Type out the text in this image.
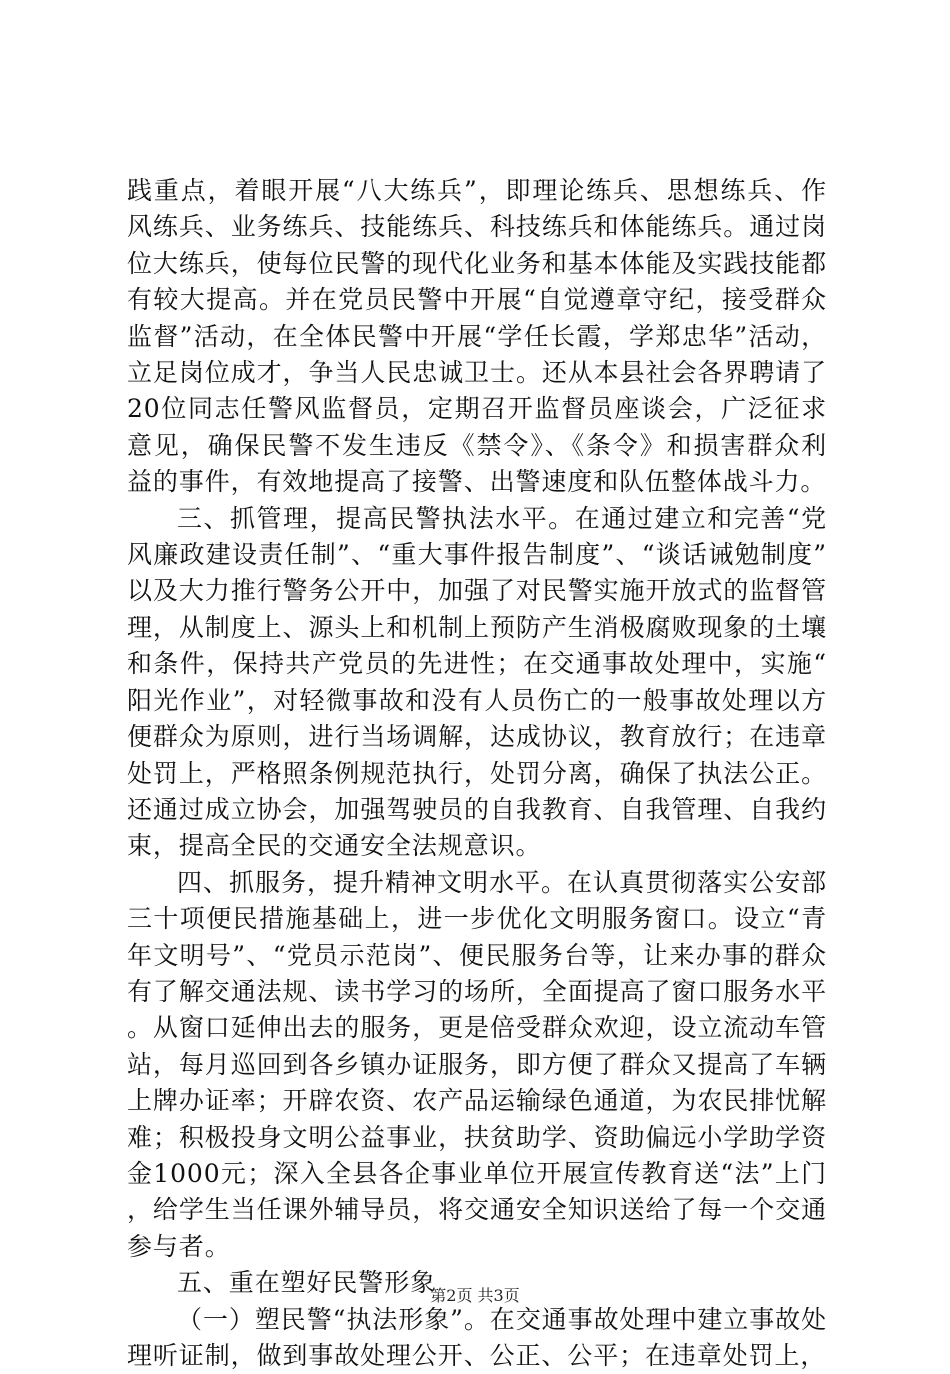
践重点，着眼开展“八大练兵”，即理论练兵、思想练兵、作风练兵、业务练兵、技能练兵、科技练兵和体能练兵。通过岗位大练兵，使每位民警的现代化业务和基本体能及实践技能都有较大提高。并在党员民警中开展“自觉遵章守纪，接受群众监督”活动，在全体民警中开展“学任长霞，学郑忠华”活动，立足岗位成才，争当人民忠诚卫士。还从本县社会各界聘请了20位同志任警风监督员，定期召开监督员座谈会，广泛征求意见，确保民警不发生违反《禁令》、《条令》和损害群众利益的事件，有效地提高了接警、出警速度和队伍整体战斗力。

三、抓管理，提高民警执法水平。在通过建立和完善“党风廉政建设责任制”、“重大事件报告制度”、“谈话诫勉制度”以及大力推行警务公开中，加强了对民警实施开放式的监督管理，从制度上、源头上和机制上预防产生消极腐败现象的土壤和条件，保持共产党员的先进性；在交通事故处理中，实施“阳光作业”，对轻微事故和没有人员伤亡的一般事故处理以方便群众为原则，进行当场调解，达成协议，教育放行；在违章处罚上，严格照条例规范执行，处罚分离，确保了执法公正。还通过成立协会，加强驾驶员的自我教育、自我管理、自我约束，提高全民的交通安全法规意识。

四、抓服务，提升精神文明水平。在认真贯彻落实公安部三十项便民措施基础上，进一步优化文明服务窗口。设立“青年文明号”、“党员示范岗”、便民服务台等，让来办事的群众有了解交通法规、读书学习的场所，全面提高了窗口服务水平。从窗口延伸出去的服务，更是倍受群众欢迎，设立流动车管站，每月巡回到各乡镇办证服务，即方便了群众又提高了车辆上牌办证率；开辟农资、农产品运输绿色通道，为农民排忧解难；积极投身文明公益事业，扶贫助学、资助偏远小学助学资金1000元；深入全县各企事业单位开展宣传教育送“法”上门，给学生当任课外辅导员，将交通安全知识送给了每一个交通参与者。

五、重在塑好民警形象

（一）塑民警“执法形象”。在交通事故处理中建立事故处理听证制，做到事故处理公开、公正、公平；在违章处罚上，

第2页 共3页
